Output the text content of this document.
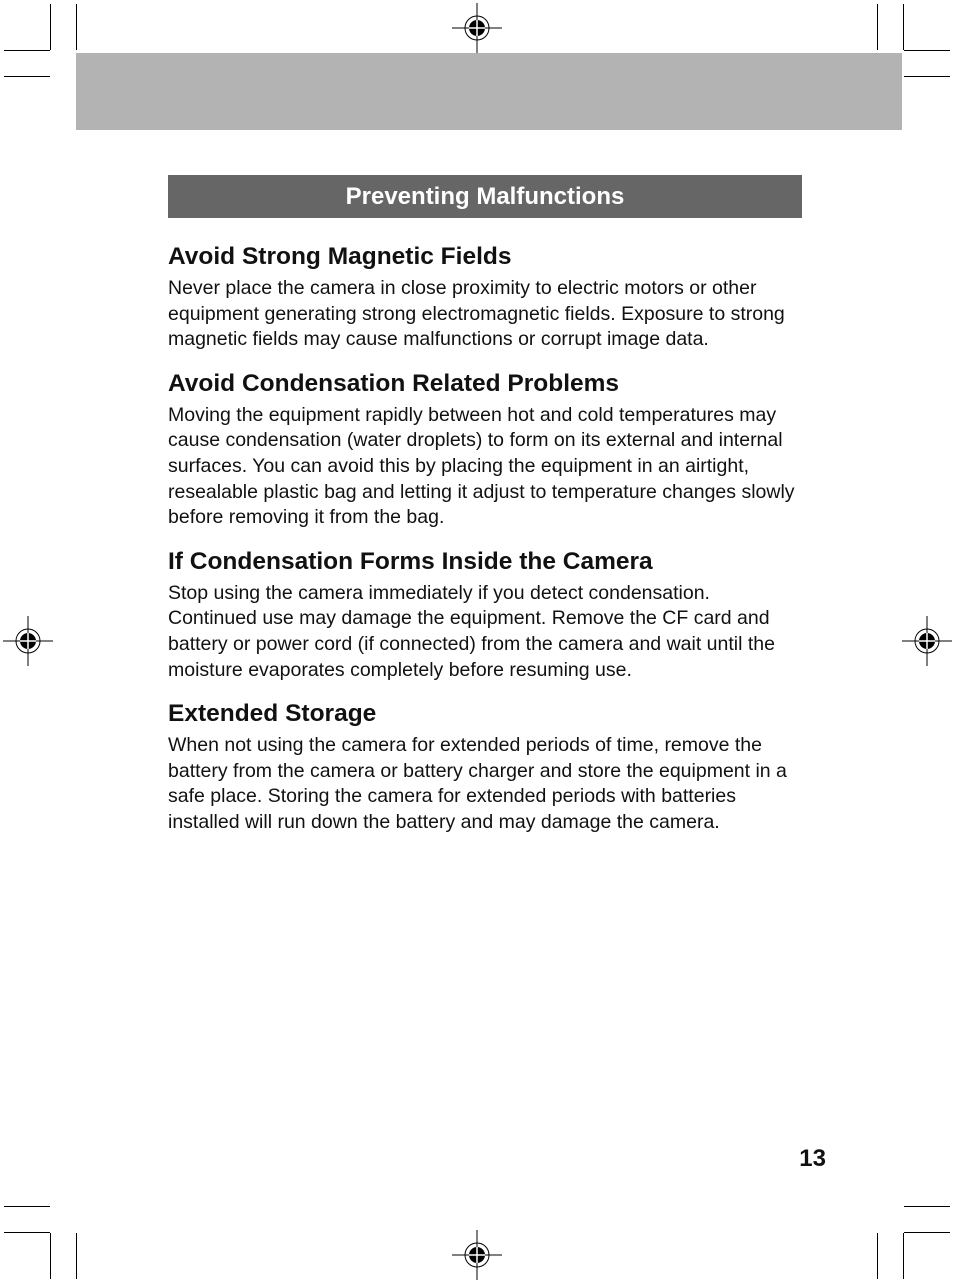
Preventing Malfunctions
Avoid Strong Magnetic Fields
Never place the camera in close proximity to electric motors or other equipment generating strong electromagnetic fields. Exposure to strong magnetic fields may cause malfunctions or corrupt image data.
Avoid Condensation Related Problems
Moving the equipment rapidly between hot and cold temperatures may cause condensation (water droplets) to form on its external and internal surfaces. You can avoid this by placing the equipment in an airtight, resealable plastic bag and letting it adjust to temperature changes slowly before removing it from the bag.
If Condensation Forms Inside the Camera
Stop using the camera immediately if you detect condensation. Continued use may damage the equipment. Remove the CF card and battery or power cord (if connected) from the camera and wait until the moisture evaporates completely before resuming use.
Extended Storage
When not using the camera for extended periods of time, remove the battery from the camera or battery charger and store the equipment in a safe place. Storing the camera for extended periods with batteries installed will run down the battery and may damage the camera.
13
